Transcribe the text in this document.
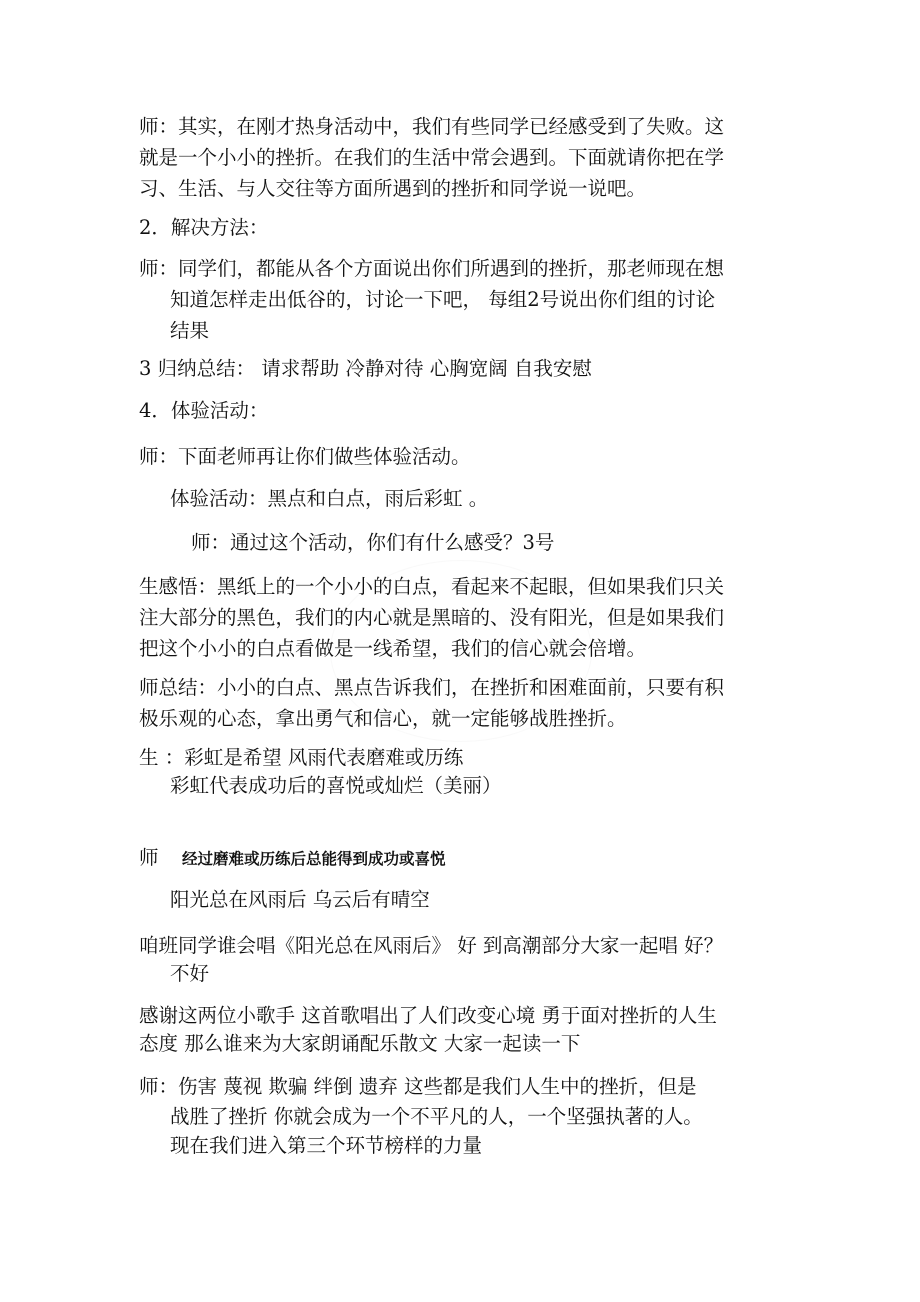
师：其实，在刚才热身活动中，我们有些同学已经感受到了失败。这
就是一个小小的挫折。在我们的生活中常会遇到。下面就请你把在学
习、生活、与人交往等方面所遇到的挫折和同学说一说吧。
2．解决方法：
师：同学们，都能从各个方面说出你们所遇到的挫折，那老师现在想
知道怎样走出低谷的，讨论一下吧， 每组2号说出你们组的讨论
结果
3 归纳总结： 请求帮助 冷静对待 心胸宽阔 自我安慰
4．体验活动：
师：下面老师再让你们做些体验活动。
体验活动：黑点和白点，雨后彩虹 。
师：通过这个活动，你们有什么感受？3号
生感悟：黑纸上的一个小小的白点，看起来不起眼，但如果我们只关
注大部分的黑色，我们的内心就是黑暗的、没有阳光，但是如果我们
把这个小小的白点看做是一线希望，我们的信心就会倍增。
师总结：小小的白点、黑点告诉我们，在挫折和困难面前，只要有积
极乐观的心态，拿出勇气和信心，就一定能够战胜挫折。
生 ：彩虹是希望 风雨代表磨难或历练
彩虹代表成功后的喜悦或灿烂（美丽）
师 经过磨难或历练后总能得到成功或喜悦
阳光总在风雨后 乌云后有晴空
咱班同学谁会唱《阳光总在风雨后》 好 到高潮部分大家一起唱 好？
不好
感谢这两位小歌手 这首歌唱出了人们改变心境 勇于面对挫折的人生
态度 那么谁来为大家朗诵配乐散文 大家一起读一下
师：伤害 蔑视 欺骗 绊倒 遗弃 这些都是我们人生中的挫折，但是
战胜了挫折 你就会成为一个不平凡的人，一个坚强执著的人。
现在我们进入第三个环节榜样的力量
